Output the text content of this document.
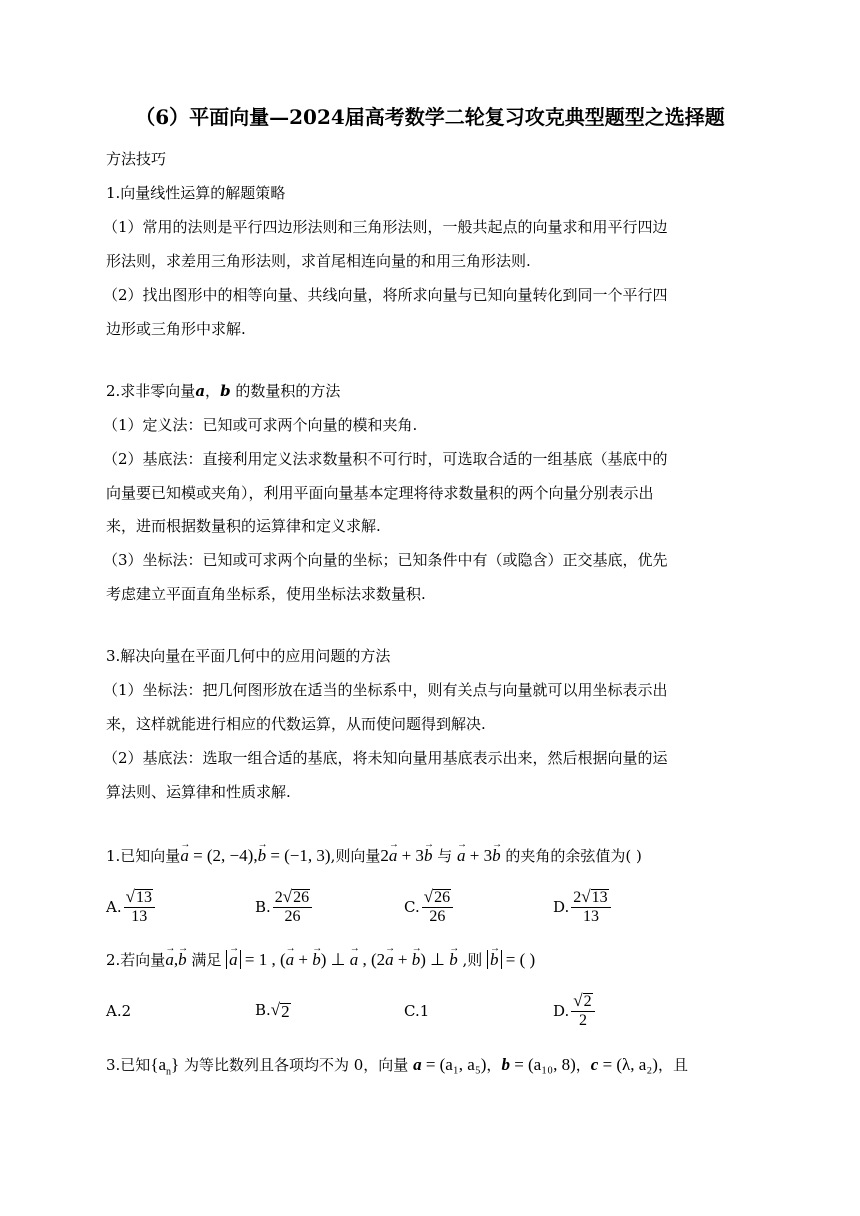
（6）平面向量—2024届高考数学二轮复习攻克典型题型之选择题
方法技巧
1.向量线性运算的解题策略
（1）常用的法则是平行四边形法则和三角形法则，一般共起点的向量求和用平行四边
形法则，求差用三角形法则，求首尾相连向量的和用三角形法则.
（2）找出图形中的相等向量、共线向量，将所求向量与已知向量转化到同一个平行四
边形或三角形中求解.
2.求非零向量a，b 的数量积的方法
（1）定义法：已知或可求两个向量的模和夹角.
（2）基底法：直接利用定义法求数量积不可行时，可选取合适的一组基底（基底中的
向量要已知模或夹角），利用平面向量基本定理将待求数量积的两个向量分别表示出
来，进而根据数量积的运算律和定义求解.
（3）坐标法：已知或可求两个向量的坐标；已知条件中有（或隐含）正交基底，优先
考虑建立平面直角坐标系，使用坐标法求数量积.
3.解决向量在平面几何中的应用问题的方法
（1）坐标法：把几何图形放在适当的坐标系中，则有关点与向量就可以用坐标表示出
来，这样就能进行相应的代数运算，从而使问题得到解决.
（2）基底法：选取一组合适的基底，将未知向量用基底表示出来，然后根据向量的运
算法则、运算律和性质求解.
1.已知向量→ a = (2, −4),→ b = (−1, 3),则向量2→ a + 3→ b 与 → a + 3→ b 的夹角的余弦值为( )
A. $\frac{√ 13}{13}$	B. $\frac{2 √ 26}{26}$	C. $\frac{√ 26}{26}$	D. $\frac{2 √ 13}{13}$
2.若向量→ a,→ b 满足 → a = 1 , (→ a + → b) ⊥ → a , (2→ a + → b) ⊥ → b ,则 → b = ( )
A.2	B. √ 2	C.1	D. $\frac{√ 2}{2}$
3.已知$\{a_n\}$ 为等比数列且各项均不为 0，向量 a = (a₁, a₅)，b = (a₁₀, 8)，c = (λ, a₂)，且
